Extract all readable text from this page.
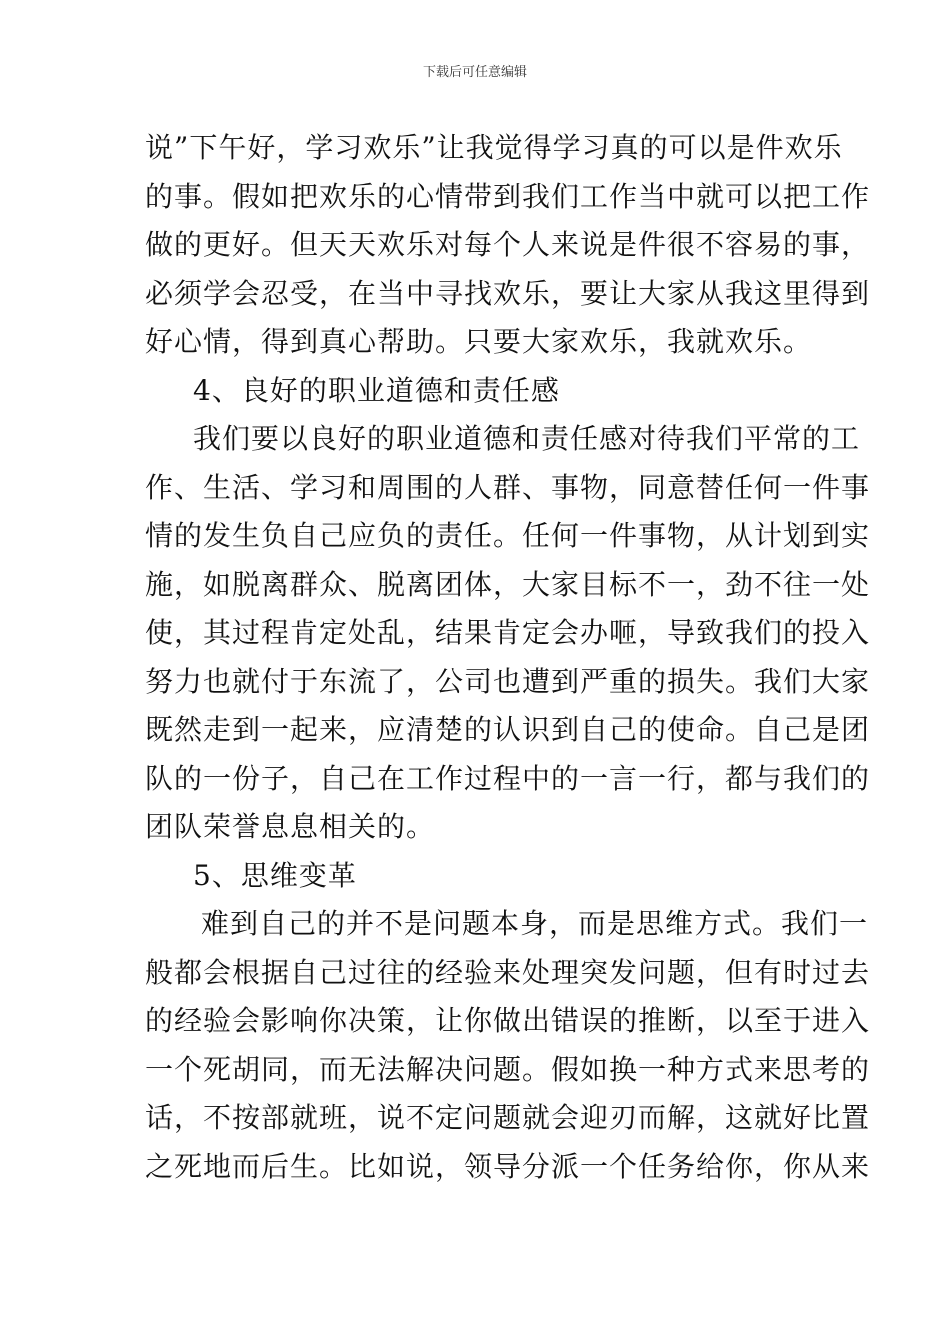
下载后可任意编辑

说”下午好，学习欢乐”让我觉得学习真的可以是件欢乐
的事。假如把欢乐的心情带到我们工作当中就可以把工作
做的更好。但天天欢乐对每个人来说是件很不容易的事，
必须学会忍受，在当中寻找欢乐，要让大家从我这里得到
好心情，得到真心帮助。只要大家欢乐，我就欢乐。

4、良好的职业道德和责任感

我们要以良好的职业道德和责任感对待我们平常的工
作、生活、学习和周围的人群、事物，同意替任何一件事
情的发生负自己应负的责任。任何一件事物，从计划到实
施，如脱离群众、脱离团体，大家目标不一，劲不往一处
使，其过程肯定处乱，结果肯定会办咂，导致我们的投入
努力也就付于东流了，公司也遭到严重的损失。我们大家
既然走到一起来，应清楚的认识到自己的使命。自己是团
队的一份子，自己在工作过程中的一言一行，都与我们的
团队荣誉息息相关的。

5、思维变革

难到自己的并不是问题本身，而是思维方式。我们一
般都会根据自己过往的经验来处理突发问题，但有时过去
的经验会影响你决策，让你做出错误的推断，以至于进入
一个死胡同，而无法解决问题。假如换一种方式来思考的
话，不按部就班，说不定问题就会迎刃而解，这就好比置
之死地而后生。比如说，领导分派一个任务给你，你从来
